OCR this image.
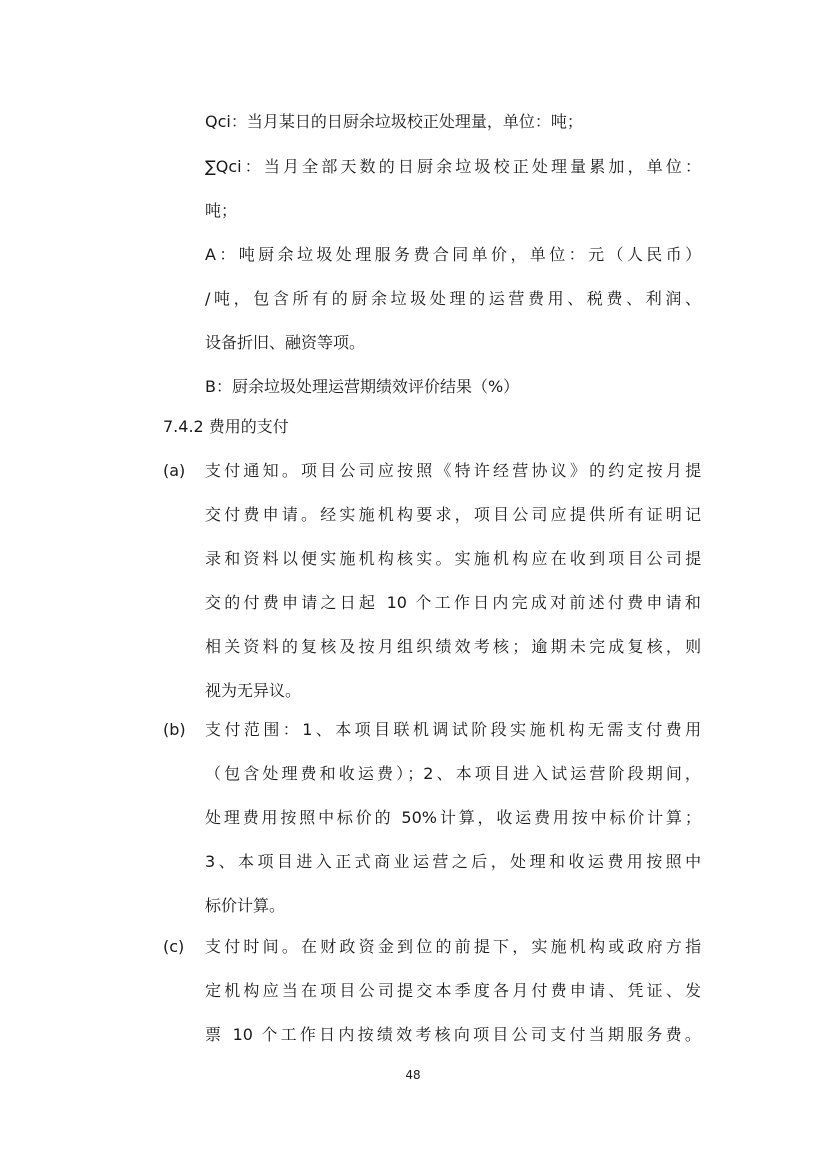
Qci：当月某日的日厨余垃圾校正处理量，单位：吨；
∑Qci：当月全部天数的日厨余垃圾校正处理量累加，单位：
吨；
A：吨厨余垃圾处理服务费合同单价，单位：元（人民币）
/吨，包含所有的厨余垃圾处理的运营费用、税费、利润、
设备折旧、融资等项。
B：厨余垃圾处理运营期绩效评价结果（%）
7.4.2 费用的支付
(a) 支付通知。项目公司应按照《特许经营协议》的约定按月提
交付费申请。经实施机构要求，项目公司应提供所有证明记
录和资料以便实施机构核实。实施机构应在收到项目公司提
交的付费申请之日起 10 个工作日内完成对前述付费申请和
相关资料的复核及按月组织绩效考核；逾期未完成复核，则
视为无异议。
(b) 支付范围：1、本项目联机调试阶段实施机构无需支付费用
（包含处理费和收运费）；2、本项目进入试运营阶段期间，
处理费用按照中标价的 50%计算，收运费用按中标价计算；
3、本项目进入正式商业运营之后，处理和收运费用按照中
标价计算。
(c) 支付时间。在财政资金到位的前提下，实施机构或政府方指
定机构应当在项目公司提交本季度各月付费申请、凭证、发
票 10 个工作日内按绩效考核向项目公司支付当期服务费。
48
